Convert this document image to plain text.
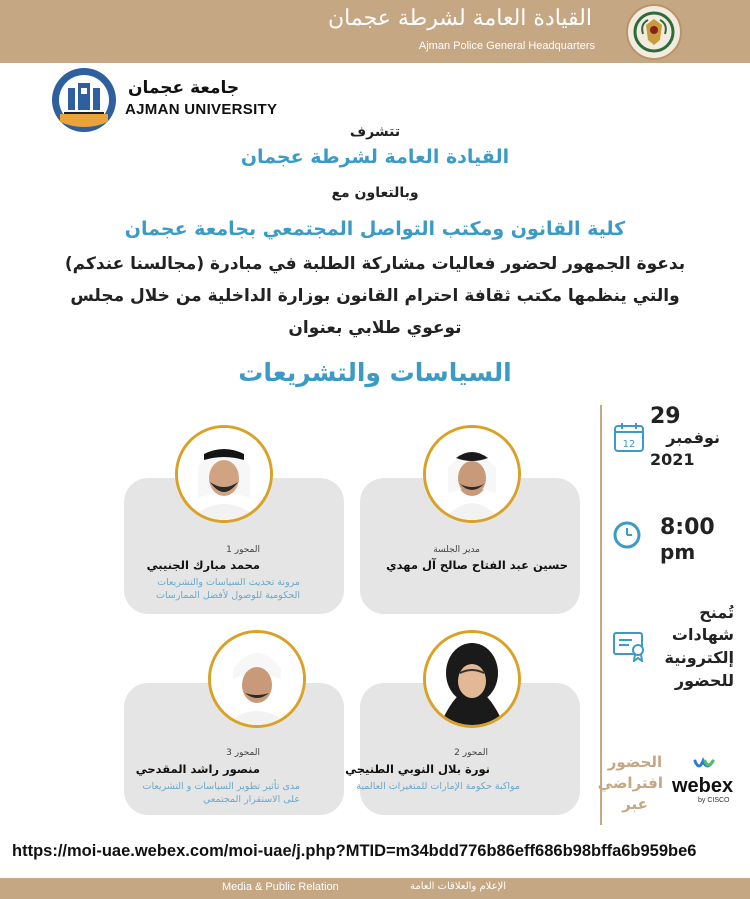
القيادة العامة لشرطة عجمان
Ajman Police General Headquarters
جامعة عجمان
AJMAN UNIVERSITY
تتشرف
القيادة العامة لشرطة عجمان
وبالتعاون مع
كلية القانون ومكتب التواصل المجتمعي بجامعة عجمان
بدعوة الجمهور لحضور فعاليات مشاركة الطلبة في مبادرة (مجالسنا عندكم)
والتي ينظمها مكتب ثقافة احترام القانون بوزارة الداخلية من خلال مجلس
توعوي طلابي بعنوان
السياسات والتشريعات
مدير الجلسة
حسين عبد الفتاح صالح آل مهدي
المحور 1
محمد مبارك الجنيبي
مرونة تحديث السياسات والتشريعات
الحكومية للوصول لأفضل الممارسات
المحور 2
نورة بلال النوبي الطنيجي
مواكبة حكومة الإمارات للمتغيرات العالمية
المحور 3
منصور راشد المقدحي
مدى تأثير تطوير السياسات و التشريعات
على الاستقرار المجتمعي
12
29
نوفمبر
2021
8:00
pm
تُمنح
شهادات
إلكترونية
للحضور
الحضور
افتراضي
عبر
webex
by CISCO
https://moi-uae.webex.com/moi-uae/j.php?MTID=m34bdd776b86eff686b98bffa6b959be6
Media & Public Relation	الإعلام والعلاقات العامة
